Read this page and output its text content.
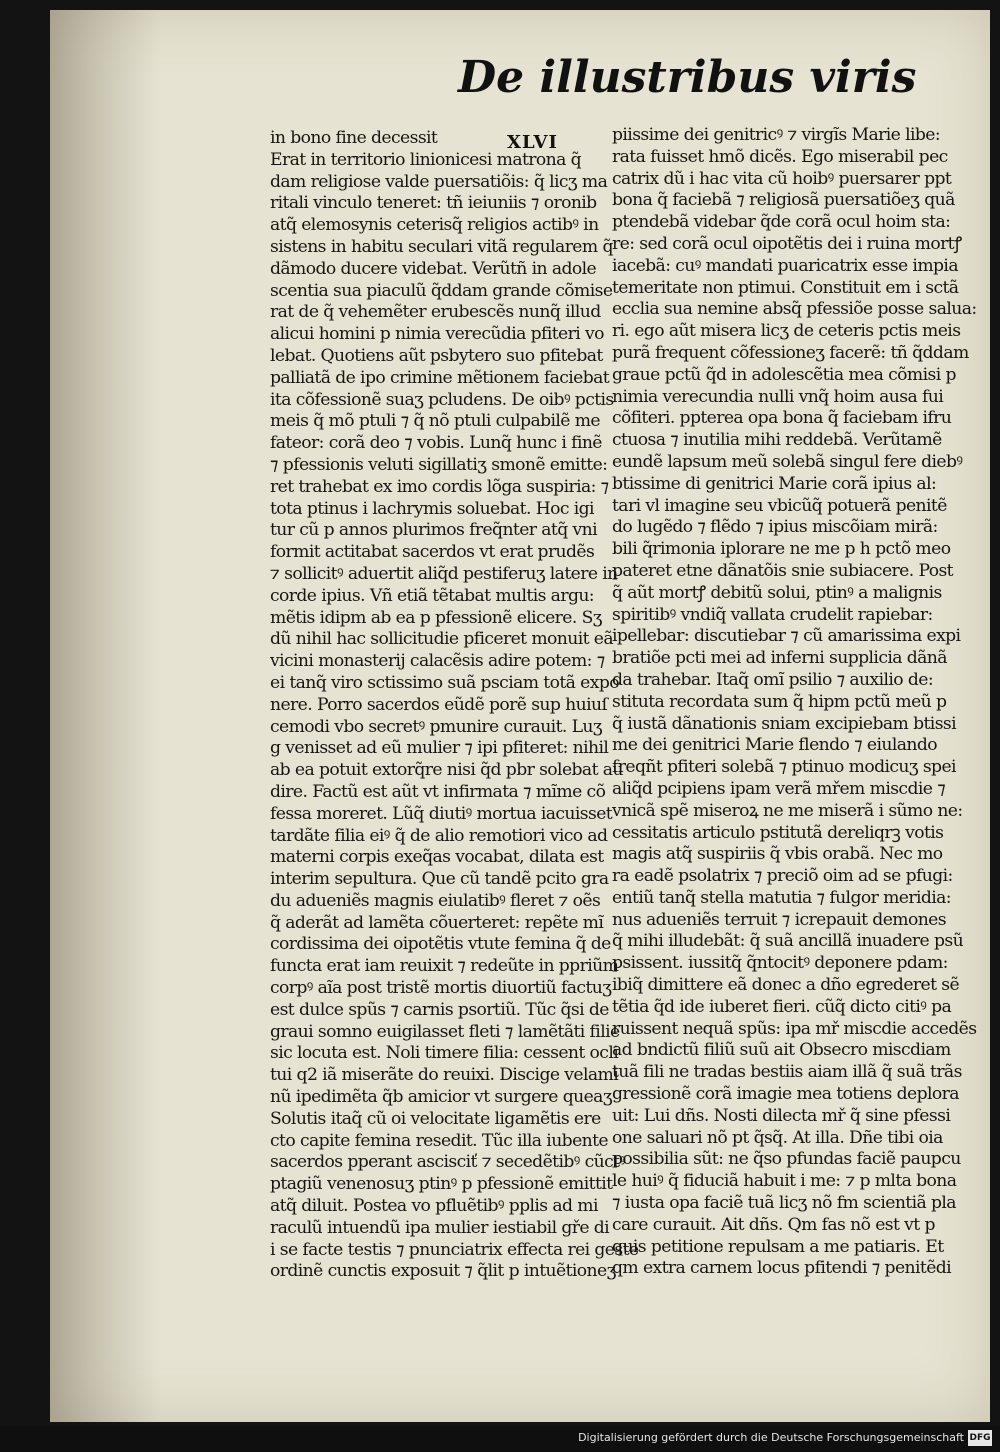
De illustribus viris
XLVI
in bono fine decessit
Erat in territorio linionicesi matrona q̃
dam religiose valde puersatiõis: q̃ licʒ ma
ritali vinculo teneret: tñ ieiuniis ⁊ oronib
atq̃ elemosynis ceterisq̃ religios actibꝰ in
sistens in habitu seculari vitã regularem q̃
dãmodo ducere videbat. Verũtñ in adole
scentia sua piaculũ q̃ddam grande cõmise
rat de q̃ vehemẽter erubescẽs nunq̃ illud
alicui homini p nimia verecũdia pfiteri vo
lebat. Quotiens aũt psbytero suo pfitebat
palliatã de ipo crimine mẽtionem faciebat
ita cõfessionẽ suaʒ pcludens. De oibꝰ pctis
meis q̃ mõ ptuli ⁊ q̃ nõ ptuli culpabilẽ me
fateor: corã deo ⁊ vobis. Lunq̃ hunc i finẽ
⁊ pfessionis veluti sigillatiʒ smonẽ emitte:
ret trahebat ex imo cordis lõga suspiria: ⁊
tota ptinus i lachrymis soluebat. Hoc igi
tur cũ p annos plurimos freq̃nter atq̃ vni
formit actitabat sacerdos vt erat prudẽs
⁊ sollicitꝰ aduertit aliq̃d pestiferuʒ latere in
corde ipius. Vñ etiã tẽtabat multis argu:
mẽtis idipm ab ea p pfessionẽ elicere. Sʒ
dũ nihil hac sollicitudie pficeret monuit eã
vicini monasterij calacẽsis adire potem: ⁊
ei tanq̃ viro sctissimo suã psciam totã expo
nere. Porro sacerdos eũdẽ porẽ sup huiuſ
cemodi vbo secretꝰ pmunire curauit. Luʒ
g venisset ad eũ mulier ⁊ ipi pfiteret: nihil
ab ea potuit extorq̃re nisi q̃d pbr solebat au
dire. Factũ est aũt vt infirmata ⁊ mĩme cõ
fessa moreret. Lũq̃ diutiꝰ mortua iacuisset
tardãte filia eiꝰ q̃ de alio remotiori vico ad
materni corpis exeq̃as vocabat, dilata est
interim sepultura. Que cũ tandẽ pcito gra
du adueniẽs magnis eiulatibꝰ fleret ⁊ oẽs
q̃ aderãt ad lamẽta cõuerteret: repẽte mĩ
cordissima dei oipotẽtis vtute femina q̃ de
functa erat iam reuixit ⁊ redeũte in ppriũm
corpꝰ aĩa post tristẽ mortis diuortiũ factuʒ
est dulce spũs ⁊ carnis psortiũ. Tũc q̃si de
graui somno euigilasset fleti ⁊ lamẽtãti filie
sic locuta est. Noli timere filia: cessent ocli
tui q2 iã miserãte do reuixi. Discige velami
nũ ipedimẽta q̃b amicior vt surgere queaʒ
Solutis itaq̃ cũ oi velocitate ligamẽtis ere
cto capite femina resedit. Tũc illa iubente
sacerdos pperant ascisciť ⁊ secedẽtibꝰ cũctꝰ
ptagiũ venenosuʒ ptinꝰ p pfessionẽ emittit
atq̃ diluit. Postea vo pfluẽtibꝰ pplis ad mi
raculũ intuendũ ipa mulier iestiabil gře di
i se facte testis ⁊ pnunciatrix effecta rei geste
ordinẽ cunctis exposuit ⁊ q̃lit p intuẽtioneʒ
piissime dei genitricꝰ ⁊ virgĩs Marie libe:
rata fuisset hmõ dicẽs. Ego miserabil pec
catrix dũ i hac vita cũ hoibꝰ puersarer ppt
bona q̃ faciebã ⁊ religiosã puersatiõeʒ quã
ptendebã videbar q̃de corã ocul hoim sta:
re: sed corã ocul oipotẽtis dei i ruina mortꝭ
iacebã: cuꝰ mandati puaricatrix esse impia
temeritate non ptimui. Constituit em i sctã
ecclia sua nemine absq̃ pfessiõe posse salua:
ri. ego aũt misera licʒ de ceteris pctis meis
purã frequent cõfessioneʒ facerẽ: tñ q̃ddam
graue pctũ q̃d in adolescẽtia mea cõmisi p
nimia verecundia nulli vnq̃ hoim ausa fui
cõfiteri. ppterea opa bona q̃ faciebam ifru
ctuosa ⁊ inutilia mihi reddebã. Verũtamẽ
eundẽ lapsum meũ solebã singul fere diebꝰ
btissime di genitrici Marie corã ipius al:
tari vl imagine seu vbicũq̃ potuerã penitẽ
do lugẽdo ⁊ flẽdo ⁊ ipius miscõiam mirã:
bili q̃rimonia iplorare ne me p h pctõ meo
pateret etne dãnatõis snie subiacere. Post
q̃ aũt mortꝭ debitũ solui, ptinꝰ a malignis
spiritibꝰ vndiq̃ vallata crudelit rapiebar:
ipellebar: discutiebar ⁊ cũ amarissima expi
bratiõe pcti mei ad inferni supplicia dãnã
da trahebar. Itaq̃ omĩ psilio ⁊ auxilio de:
stituta recordata sum q̃ hipm pctũ meũ p
q̃ iustã dãnationis sniam excipiebam btissi
me dei genitrici Marie flendo ⁊ eiulando
freqñt pfiteri solebã ⁊ ptinuo modicuʒ spei
aliq̃d pcipiens ipam verã mřem miscdie ⁊
vnicã spẽ miseroꝝ ne me miserã i sũmo ne:
cessitatis articulo pstitutã dereliqrꝫ votis
magis atq̃ suspiriis q̃ vbis orabã. Nec mo
ra eadẽ psolatrix ⁊ preciõ oim ad se pfugi:
entiũ tanq̃ stella matutia ⁊ fulgor meridia:
nus adueniẽs terruit ⁊ icrepauit demones
q̃ mihi illudebãt: q̃ suã ancillã inuadere psũ
psissent. iussitq̃ q̃ntocitꝰ deponere pdam:
ibiq̃ dimittere eã donec a dño egrederet sẽ
tẽtia q̃d ide iuberet fieri. cũq̃ dicto citiꝰ pa
ruissent nequã spũs: ipa mř miscdie accedẽs
ad bndictũ filiũ suũ ait Obsecro miscdiam
tuã fili ne tradas bestiis aiam illã q̃ suã trãs
gressionẽ corã imagie mea totiens deplora
uit: Lui dñs. Nosti dilecta mř q̃ sine pfessi
one saluari nõ pt q̃sq̃. At illa. Dñe tibi oia
possibilia sũt: ne q̃so pfundas faciẽ paupcu
le huiꝰ q̃ fiduciã habuit i me: ⁊ p mlta bona
⁊ iusta opa faciẽ tuã licʒ nõ fm scientiã pla
care curauit. Ait dñs. Qm fas nõ est vt p
quis petitione repulsam a me patiaris. Et
qm extra carnem locus pfitendi ⁊ penitẽdi
Digitalisierung gefördert durch die Deutsche Forschungsgemeinschaft DFG
